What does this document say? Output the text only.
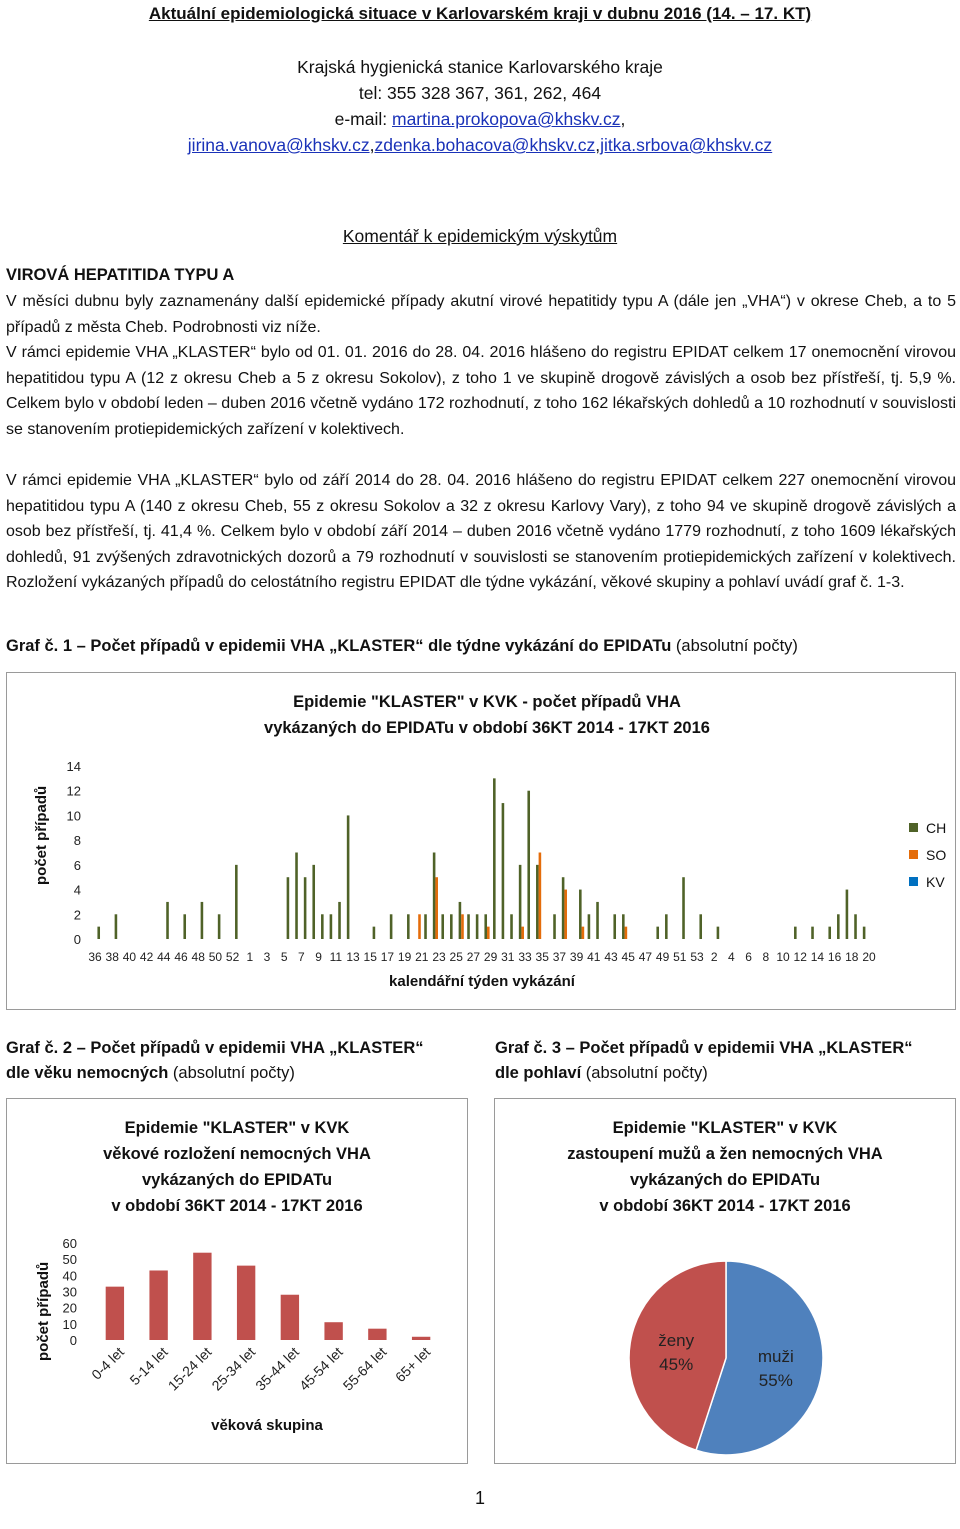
Aktuální epidemiologická situace v Karlovarském kraji v dubnu 2016 (14. – 17. KT)
Krajská hygienická stanice Karlovarského kraje
tel: 355 328 367, 361, 262, 464
e-mail: martina.prokopova@khskv.cz,
jirina.vanova@khskv.cz,zdenka.bohacova@khskv.cz,jitka.srbova@khskv.cz
Komentář k epidemickým výskytům
VIROVÁ HEPATITIDA TYPU A
V měsíci dubnu byly zaznamenány další epidemické případy akutní virové hepatitidy typu A (dále jen „VHA“) v okrese Cheb, a to 5 případů z města Cheb. Podrobnosti viz níže.
V rámci epidemie VHA „KLASTER“ bylo od 01. 01. 2016 do 28. 04. 2016 hlášeno do registru EPIDAT celkem 17 onemocnění virovou hepatitidou typu A (12 z okresu Cheb a 5 z okresu Sokolov), z toho 1 ve skupině drogově závislých a osob bez přístřeší, tj. 5,9 %. Celkem bylo v období leden – duben 2016 včetně vydáno 172 rozhodnutí, z toho 162 lékařských dohledů a 10 rozhodnutí v souvislosti se stanovením protiepidemických zařízení v kolektivech.
V rámci epidemie VHA „KLASTER“ bylo od září 2014 do 28. 04. 2016 hlášeno do registru EPIDAT celkem 227 onemocnění virovou hepatitidou typu A (140 z okresu Cheb, 55 z okresu Sokolov a 32 z okresu Karlovy Vary), z toho 94 ve skupině drogově závislých a osob bez přístřeší, tj. 41,4 %. Celkem bylo v období září 2014 – duben 2016 včetně vydáno 1779 rozhodnutí, z toho 1609 lékařských dohledů, 91 zvýšených zdravotnických dozorů a 79 rozhodnutí v souvislosti se stanovením protiepidemických zařízení v kolektivech. Rozložení vykázaných případů do celostátního registru EPIDAT dle týdne vykázání, věkové skupiny a pohlaví uvádí graf č. 1-3.
Graf č. 1 – Počet případů v epidemii VHA „KLASTER“ dle týdne vykázání do EPIDATu (absolutní počty)
Epidemie "KLASTER" v KVK - počet případů VHA
vykázaných do EPIDATu v období 36KT 2014 - 17KT 2016
počet případů
0
2
4
6
8
10
12
14
36 38 40 42 44 46 48 50 52 1 3 5 7 9 11 13 15 17 19 21 23 25 27 29 31 33 35 37 39 41 43 45 47 49 51 53 2 4 6 8 10 12 14 16 18 20
kalendářní týden vykázání
CH
SO
KV
Graf č. 2 – Počet případů v epidemii VHA „KLASTER“
dle věku nemocných (absolutní počty)
Graf č. 3 – Počet případů v epidemii VHA „KLASTER“
dle pohlaví (absolutní počty)
Epidemie "KLASTER" v KVK
věkové rozložení nemocných VHA
vykázaných do EPIDATu
v období 36KT 2014 - 17KT 2016
počet případů 0
10
20
30
40
50
60
0-4 let 5-14 let
15-24 let
25-34 let
35-44 let
45-54 let
55-64 let 65+ let
věková skupina
Epidemie "KLASTER" v KVK
zastoupení mužů a žen nemocných VHA
vykázaných do EPIDATu
v období 36KT 2014 - 17KT 2016
muži
55%
ženy
45%
1
